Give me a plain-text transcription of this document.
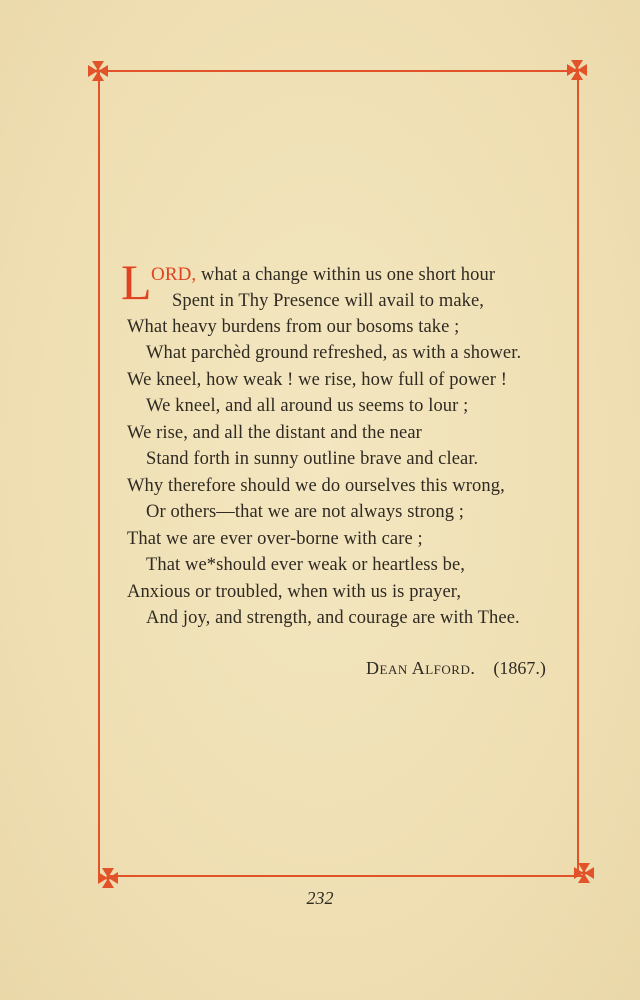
L ORD, what a change within us one short hour
Spent in Thy Presence will avail to make,
What heavy burdens from our bosoms take ;
What parchèd ground refreshed, as with a shower.
We kneel, how weak ! we rise, how full of power !
We kneel, and all around us seems to lour ;
We rise, and all the distant and the near
Stand forth in sunny outline brave and clear.
Why therefore should we do ourselves this wrong,
Or others—that we are not always strong ;
That we are ever over-borne with care ;
That we*should ever weak or heartless be,
Anxious or troubled, when with us is prayer,
And joy, and strength, and courage are with Thee.
Dean Alford. (1867.)
232
